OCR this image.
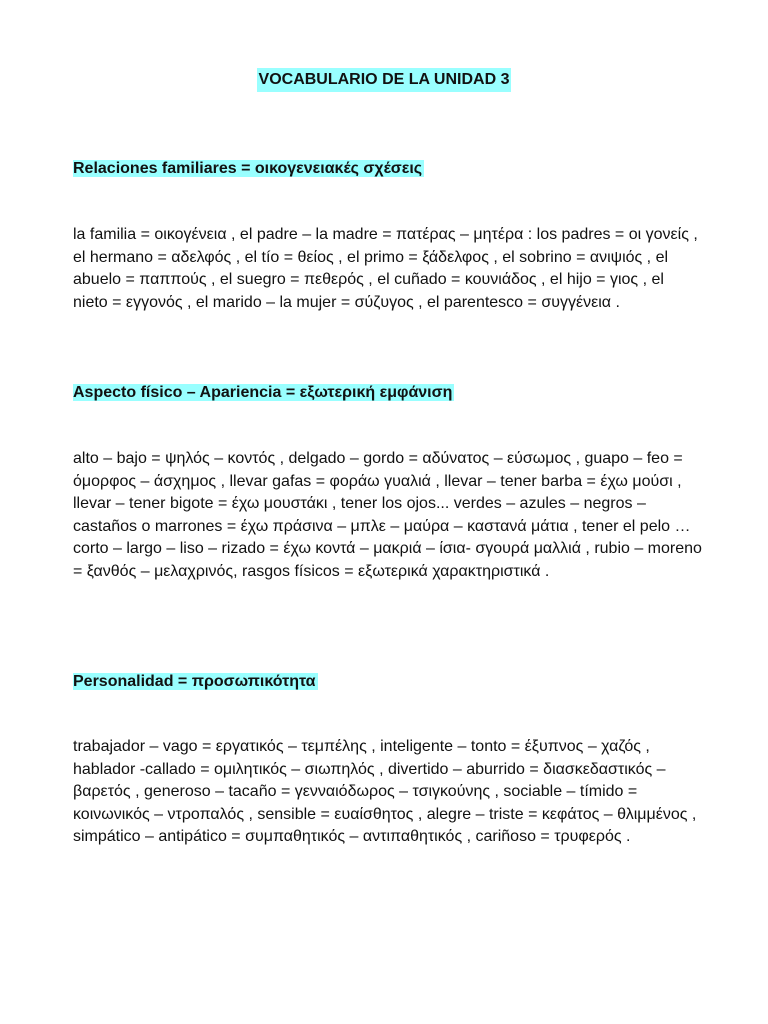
VOCABULARIO DE LA UNIDAD 3
Relaciones familiares = οικογενειακές σχέσεις

la familia = οικογένεια , el padre – la madre = πατέρας – μητέρα : los padres = οι γονείς , el hermano = αδελφός , el tío = θείος , el primo = ξάδελφος , el sobrino = ανιψιός , el abuelo = παππούς , el suegro = πεθερός , el cuñado = κουνιάδος , el hijo = γιος , el nieto = εγγονός , el marido – la mujer = σύζυγος , el parentesco = συγγένεια .

Aspecto físico – Apariencia = εξωτερική εμφάνιση

alto – bajo = ψηλός – κοντός , delgado – gordo = αδύνατος – εύσωμος , guapo – feo = όμορφος – άσχημος , llevar gafas = φοράω γυαλιά , llevar – tener barba = έχω μούσι , llevar – tener bigote = έχω μουστάκι , tener los ojos... verdes – azules – negros – castaños o marrones = έχω πράσινα – μπλε – μαύρα – καστανά μάτια , tener el pelo … corto – largo – liso – rizado = έχω κοντά – μακριά – ίσια- σγουρά μαλλιά , rubio – moreno = ξανθός – μελαχρινός, rasgos físicos = εξωτερικά χαρακτηριστικά .

Personalidad = προσωπικότητα

trabajador – vago = εργατικός – τεμπέλης , inteligente – tonto = έξυπνος – χαζός , hablador -callado = ομιλητικός – σιωπηλός , divertido – aburrido = διασκεδαστικός – βαρετός , generoso – tacaño = γενναιόδωρος – τσιγκούνης , sociable – tímido = κοινωνικός – ντροπαλός , sensible = ευαίσθητος , alegre – triste = κεφάτος – θλιμμένος , simpático – antipático = συμπαθητικός – αντιπαθητικός , cariñoso = τρυφερός .
